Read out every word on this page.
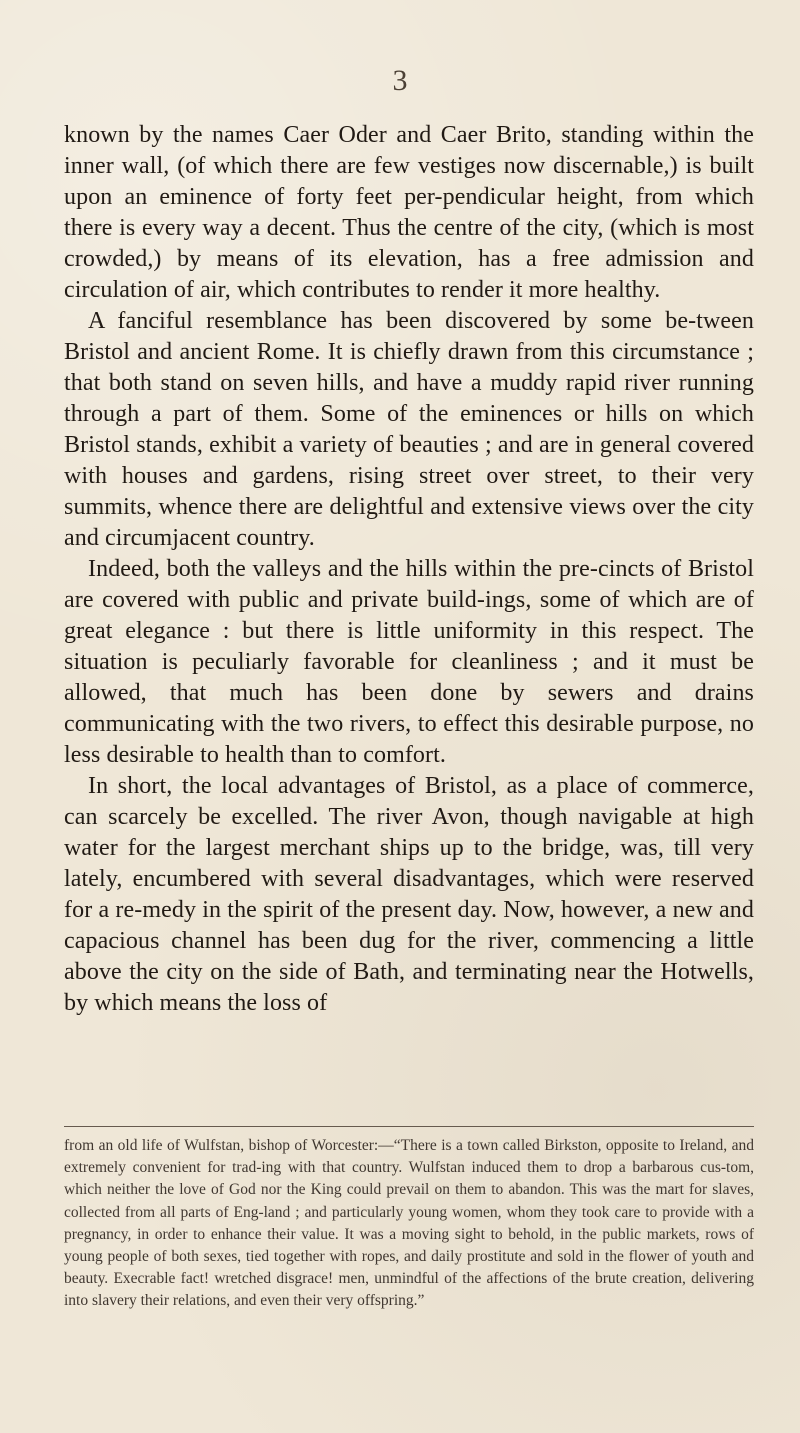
3

known by the names Caer Oder and Caer Brito, standing within the inner wall, (of which there are few vestiges now discernable,) is built upon an eminence of forty feet per-pendicular height, from which there is every way a decent. Thus the centre of the city, (which is most crowded,) by means of its elevation, has a free admission and circulation of air, which contributes to render it more healthy.

A fanciful resemblance has been discovered by some be-tween Bristol and ancient Rome. It is chiefly drawn from this circumstance ; that both stand on seven hills, and have a muddy rapid river running through a part of them. Some of the eminences or hills on which Bristol stands, exhibit a variety of beauties ; and are in general covered with houses and gardens, rising street over street, to their very summits, whence there are delightful and extensive views over the city and circumjacent country.

Indeed, both the valleys and the hills within the pre-cincts of Bristol are covered with public and private build-ings, some of which are of great elegance : but there is little uniformity in this respect. The situation is peculiarly favorable for cleanliness ; and it must be allowed, that much has been done by sewers and drains communicating with the two rivers, to effect this desirable purpose, no less desirable to health than to comfort.

In short, the local advantages of Bristol, as a place of commerce, can scarcely be excelled. The river Avon, though navigable at high water for the largest merchant ships up to the bridge, was, till very lately, encumbered with several disadvantages, which were reserved for a re-medy in the spirit of the present day. Now, however, a new and capacious channel has been dug for the river, commencing a little above the city on the side of Bath, and terminating near the Hotwells, by which means the loss of

from an old life of Wulfstan, bishop of Worcester:—“There is a town called Birkston, opposite to Ireland, and extremely convenient for trad-ing with that country. Wulfstan induced them to drop a barbarous cus-tom, which neither the love of God nor the King could prevail on them to abandon. This was the mart for slaves, collected from all parts of Eng-land ; and particularly young women, whom they took care to provide with a pregnancy, in order to enhance their value. It was a moving sight to behold, in the public markets, rows of young people of both sexes, tied together with ropes, and daily prostitute and sold in the flower of youth and beauty. Execrable fact! wretched disgrace! men, unmindful of the affections of the brute creation, delivering into slavery their relations, and even their very offspring.”
